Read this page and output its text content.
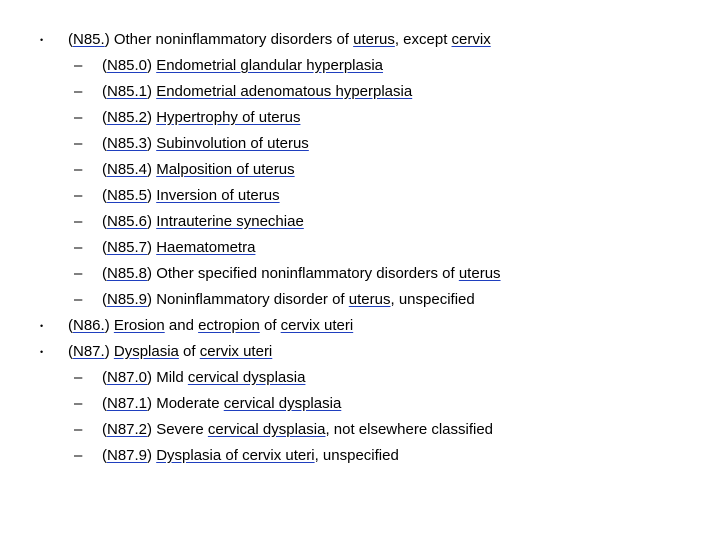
• (N85.) Other noninflammatory disorders of uterus, except cervix
– (N85.0) Endometrial glandular hyperplasia
– (N85.1) Endometrial adenomatous hyperplasia
– (N85.2) Hypertrophy of uterus
– (N85.3) Subinvolution of uterus
– (N85.4) Malposition of uterus
– (N85.5) Inversion of uterus
– (N85.6) Intrauterine synechiae
– (N85.7) Haematometra
– (N85.8) Other specified noninflammatory disorders of uterus
– (N85.9) Noninflammatory disorder of uterus, unspecified
• (N86.) Erosion and ectropion of cervix uteri
• (N87.) Dysplasia of cervix uteri
– (N87.0) Mild cervical dysplasia
– (N87.1) Moderate cervical dysplasia
– (N87.2) Severe cervical dysplasia, not elsewhere classified
– (N87.9) Dysplasia of cervix uteri, unspecified
